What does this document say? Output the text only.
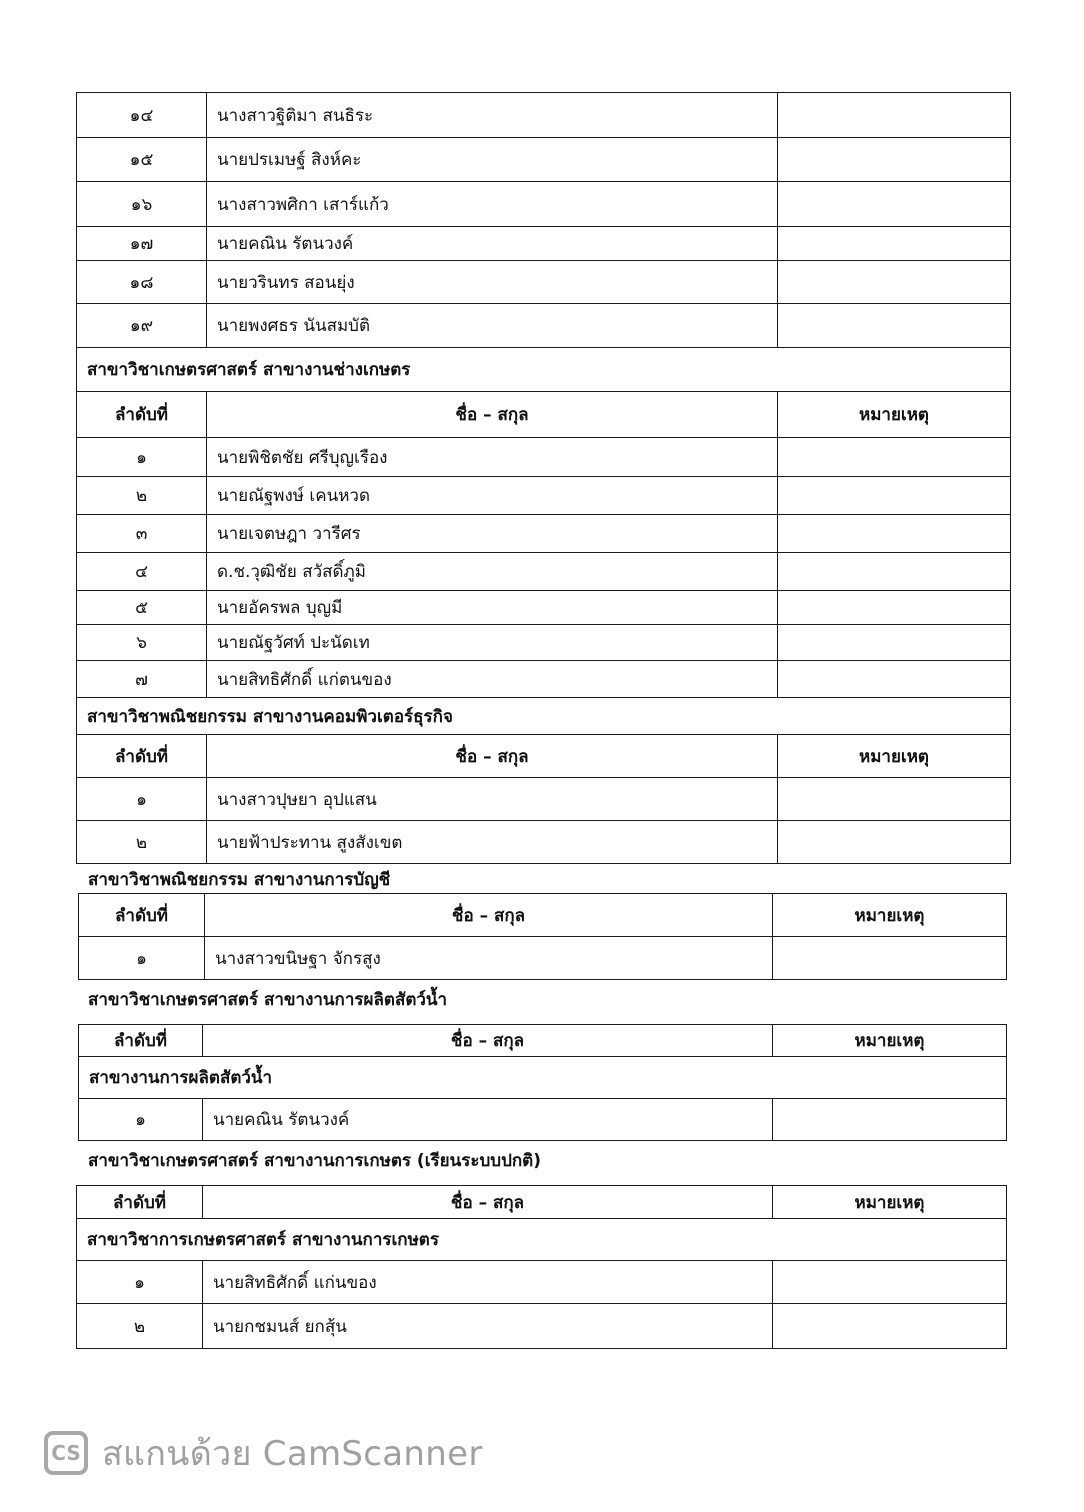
๑๔	นางสาวฐิติมา สนธิระ	
๑๕	นายปรเมษฐ์ สิงห์คะ	
๑๖	นางสาวพศิกา เสาร์แก้ว	
๑๗	นายคณิน รัตนวงค์	
๑๘	นายวรินทร สอนยุ่ง	
๑๙	นายพงศธร นันสมบัติ	
สาขาวิชาเกษตรศาสตร์ สาขางานช่างเกษตร		
ลำดับที่	ชื่อ – สกุล	หมายเหตุ
๑	นายพิชิตชัย ศรีบุญเรือง	
๒	นายณัฐพงษ์ เคนหวด	
๓	นายเจตษฎา วารีศร	
๔	ด.ช.วุฒิชัย สวัสดิ์ภูมิ	
๕	นายอัครพล บุญมี	
๖	นายณัฐวัศท์ ปะนัดเท	
๗	นายสิทธิศักดิ์ แก่ตนของ	
สาขาวิชาพณิชยกรรม สาขางานคอมพิวเตอร์ธุรกิจ		
ลำดับที่	ชื่อ – สกุล	หมายเหตุ
๑	นางสาวปุษยา อุปแสน	
๒	นายฟ้าประทาน สูงสังเขต	
สาขาวิชาพณิชยกรรม สาขางานการบัญชี
ลำดับที่	ชื่อ – สกุล	หมายเหตุ
๑	นางสาวขนิษฐา จักรสูง	
สาขาวิชาเกษตรศาสตร์ สาขางานการผลิตสัตว์น้ำ
ลำดับที่	ชื่อ – สกุล	หมายเหตุ
สาขางานการผลิตสัตว์น้ำ		
๑	นายคณิน รัตนวงค์	
สาขาวิชาเกษตรศาสตร์ สาขางานการเกษตร (เรียนระบบปกติ)
ลำดับที่	ชื่อ – สกุล	หมายเหตุ
สาขาวิชาการเกษตรศาสตร์ สาขางานการเกษตร		
๑	นายสิทธิศักดิ์ แก่นของ	
๒	นายกชมนส์ ยกสุ้น	
CS สแกนด้วย CamScanner
